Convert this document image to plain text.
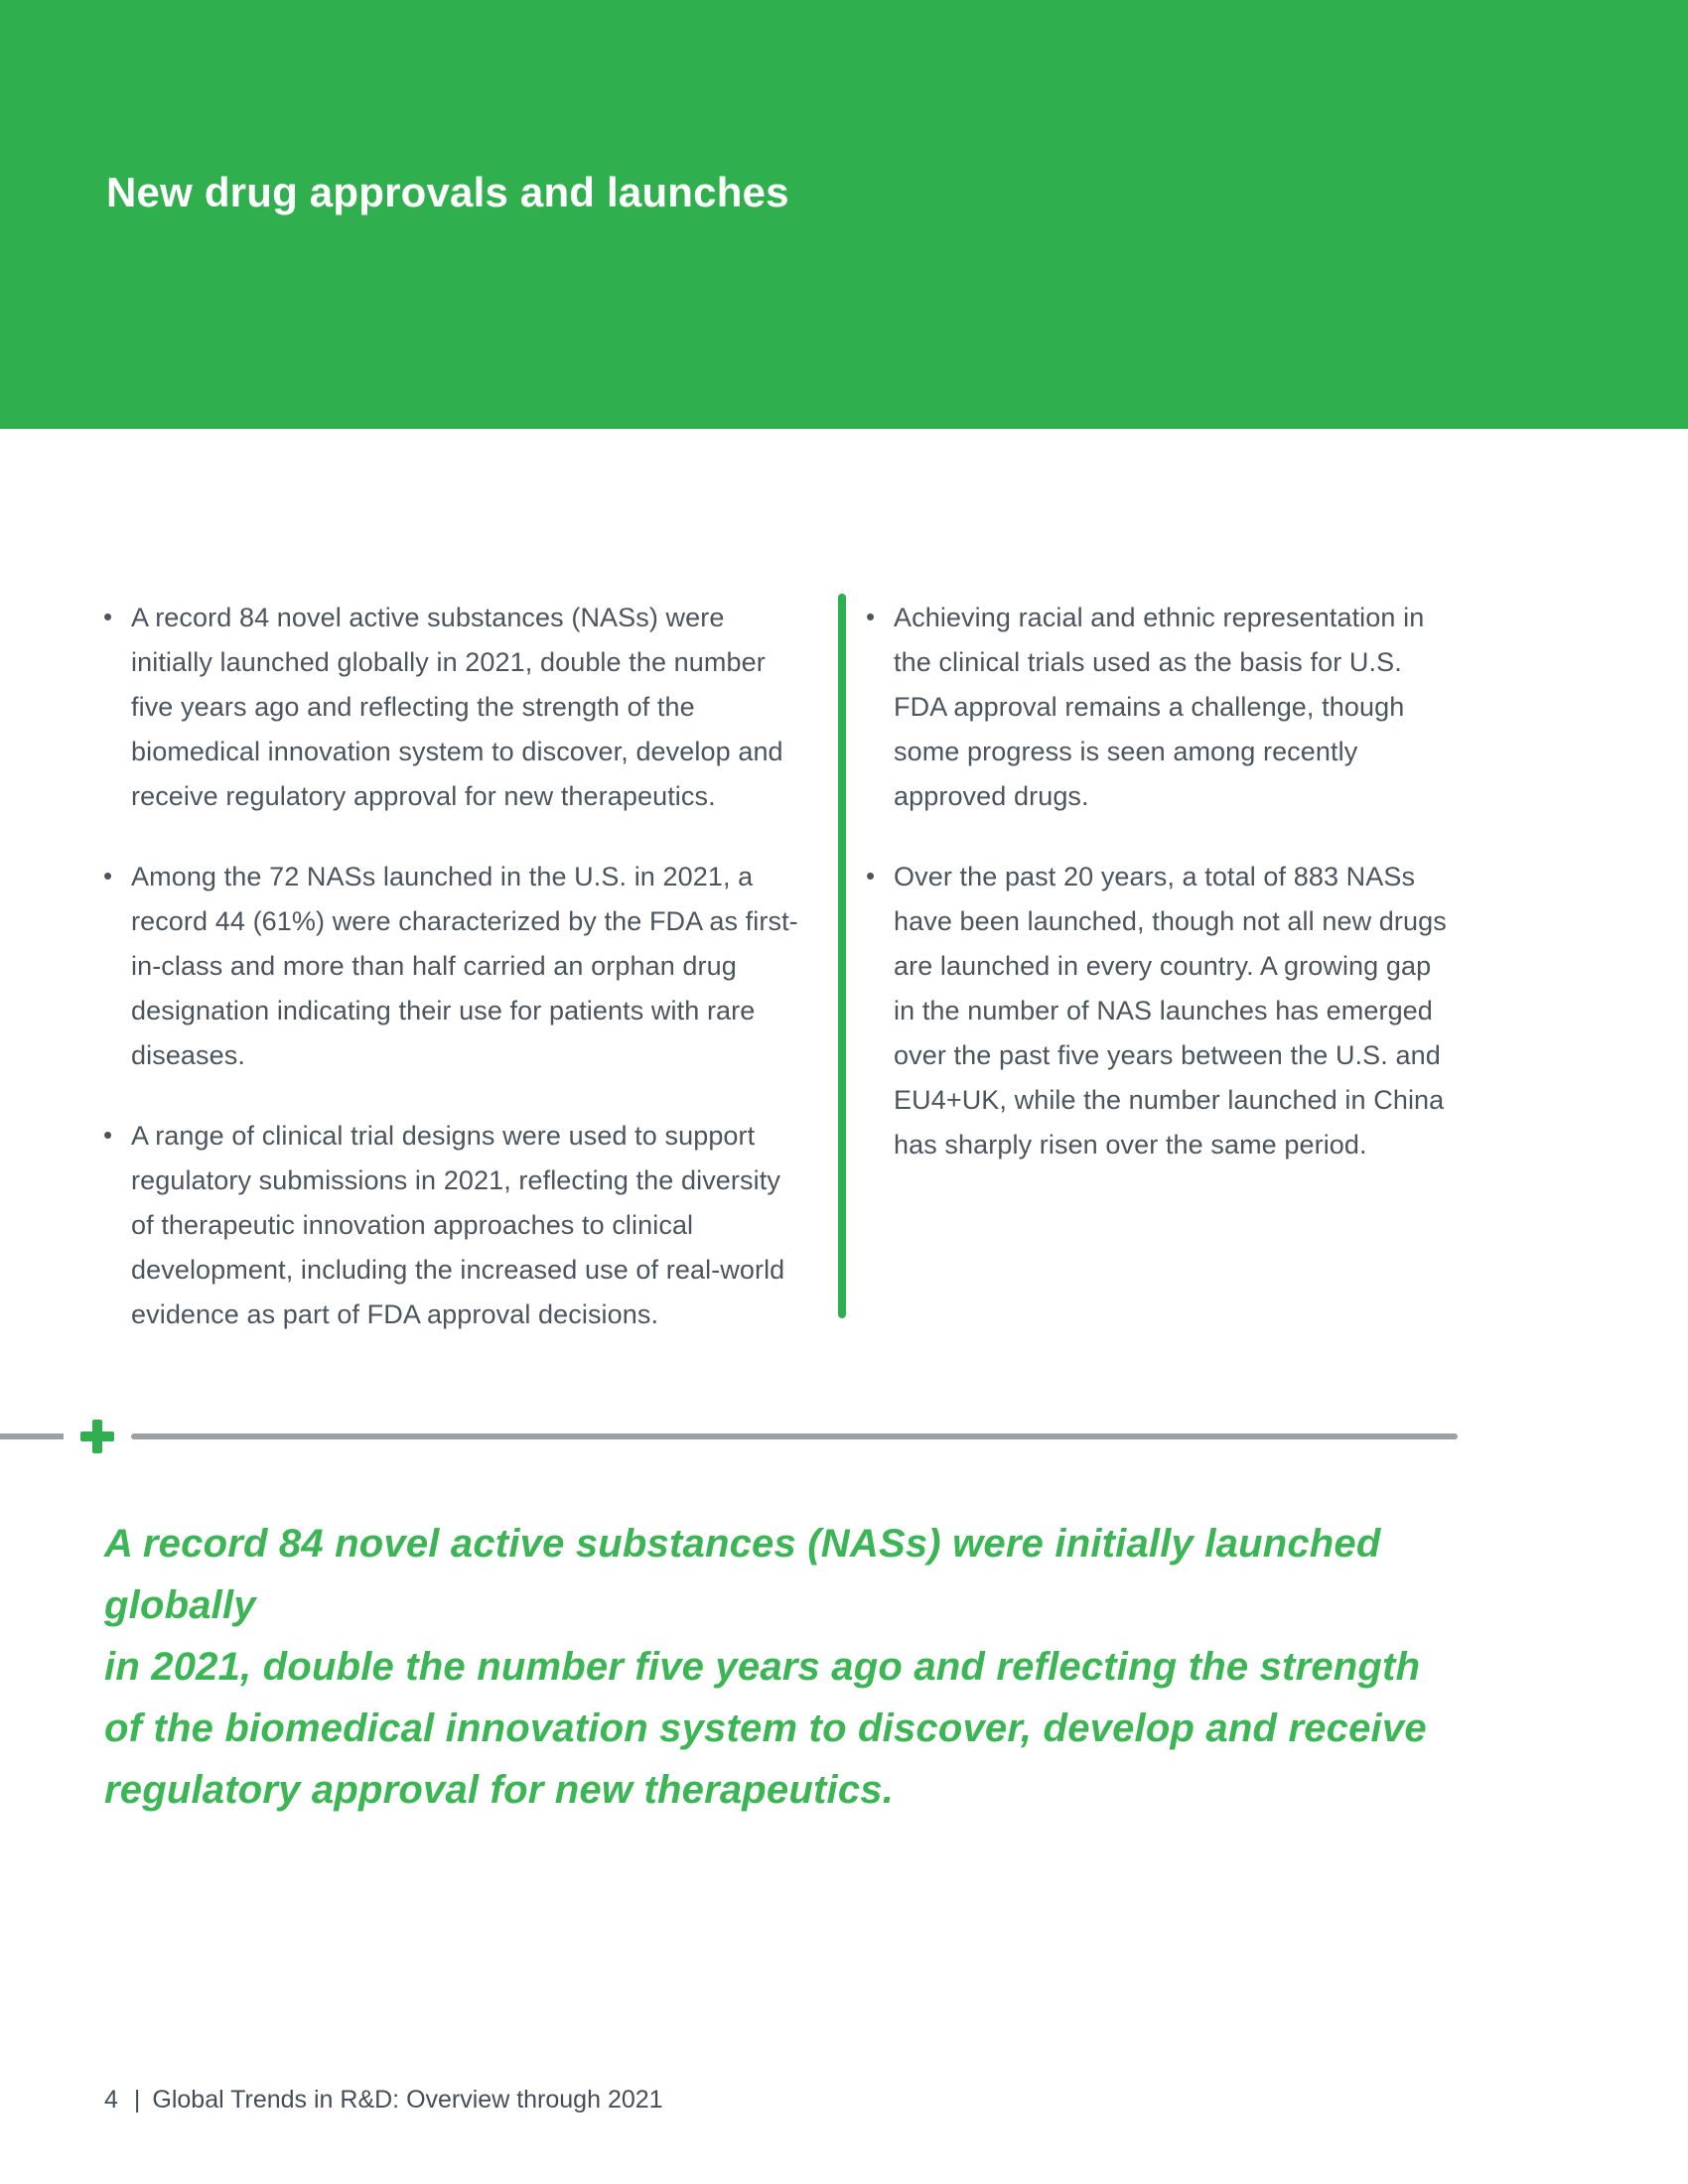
New drug approvals and launches
• A record 84 novel active substances (NASs) were initially launched globally in 2021, double the number five years ago and reflecting the strength of the biomedical innovation system to discover, develop and receive regulatory approval for new therapeutics.
• Among the 72 NASs launched in the U.S. in 2021, a record 44 (61%) were characterized by the FDA as first-in-class and more than half carried an orphan drug designation indicating their use for patients with rare diseases.
• A range of clinical trial designs were used to support regulatory submissions in 2021, reflecting the diversity of therapeutic innovation approaches to clinical development, including the increased use of real-world evidence as part of FDA approval decisions.
• Achieving racial and ethnic representation in the clinical trials used as the basis for U.S. FDA approval remains a challenge, though some progress is seen among recently approved drugs.
• Over the past 20 years, a total of 883 NASs have been launched, though not all new drugs are launched in every country. A growing gap in the number of NAS launches has emerged over the past five years between the U.S. and EU4+UK, while the number launched in China has sharply risen over the same period.
A record 84 novel active substances (NASs) were initially launched globally
in 2021, double the number five years ago and reflecting the strength
of the biomedical innovation system to discover, develop and receive
regulatory approval for new therapeutics.
4 | Global Trends in R&D: Overview through 2021
